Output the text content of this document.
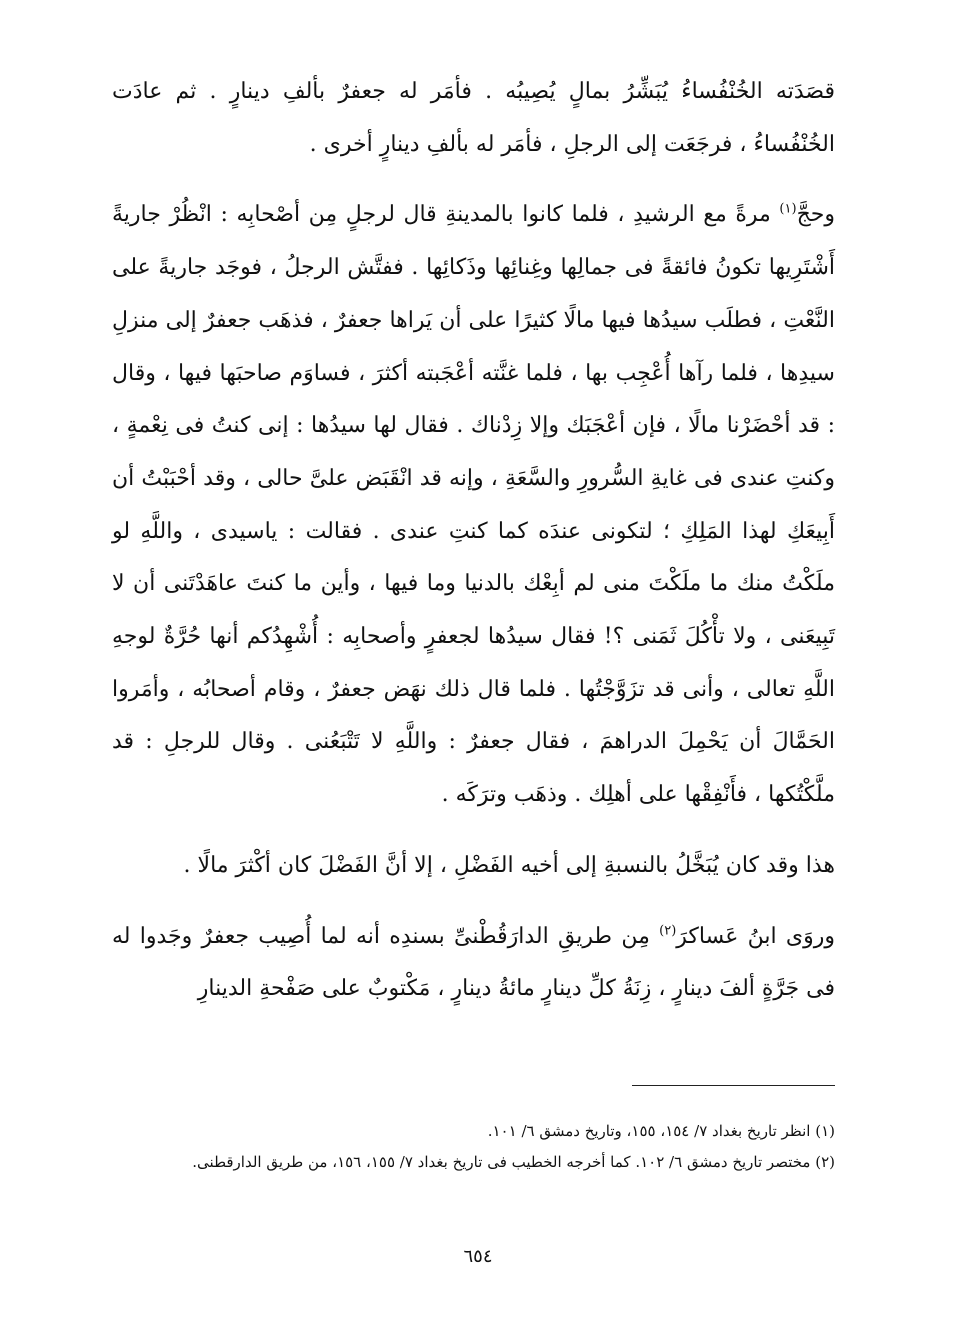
قصَدَته الخُنْفُساءُ يُبَشِّرُ بمالٍ يُصِيبُه . فأمَر له جعفرٌ بألفِ دينارٍ . ثم عادَت الخُنْفُساءُ ، فرجَعَت إلى الرجلِ ، فأمَر له بألفِ دينارٍ أخرى .

وحجَّ$^{(١)}$ مرةً مع الرشيدِ ، فلما كانوا بالمدينةِ قال لرجلٍ مِن أصْحابِه : انْظُرْ جاريةً أَشْتَرِيها تكونُ فائقةً فى جمالِها وغِنائِها وذَكائِها . ففتَّش الرجلُ ، فوجَد جاريةً على النَّعْتِ ، فطلَب سيدُها فيها مالًا كثيرًا على أن يَراها جعفرٌ ، فذهَب جعفرٌ إلى منزلِ سيدِها ، فلما رآها أُعْجِب بها ، فلما غنَّته أعْجَبته أكثرَ ، فساوَم صاحبَها فيها ، وقال : قد أحْضَرْنا مالًا ، فإن أعْجَبَك وإلا زِدْناك . فقال لها سيدُها : إنى كنتُ فى نِعْمةٍ ، وكنتِ عندى فى غايةِ السُّرورِ والسَّعَةِ ، وإنه قد انْقَبَض علىَّ حالى ، وقد أحْبَبْتُ أن أَبِيعَكِ لهذا المَلِكِ ؛ لتكونى عندَه كما كنتِ عندى . فقالت : ياسيدى ، واللَّهِ لو ملَكْتُ منك ما ملَكْتَ منى لم أبِعْك بالدنيا وما فيها ، وأين ما كنتَ عاهَدْتَنى أن لا تَبِيعَنى ، ولا تأْكُلَ ثَمَنى ؟! فقال سيدُها لجعفرٍ وأصحابِه : أُشْهِدُكم أنها حُرَّةٌ لوجهِ اللَّهِ تعالى ، وأنى قد تزَوَّجْتُها . فلما قال ذلك نهَض جعفرٌ ، وقام أصحابُه ، وأمَروا الحَمَّالَ أن يَحْمِلَ الدراهمَ ، فقال جعفرٌ : واللَّهِ لا تَتْبَعُنى . وقال للرجلِ : قد ملَّكْتُكها ، فأَنْفِقْها على أهلِك . وذهَب وترَكَه .

هذا وقد كان يُبَخَّلُ بالنسبةِ إلى أخيه الفَضْلِ ، إلا أنَّ الفَضْلَ كان أكْثرَ مالًا .

وروَى ابنُ عَساكرَ$^{(٢)}$ مِن طريقِ الدارَقُطْنىِّ بسندِه أنه لما أُصِيب جعفرٌ وجَدوا له فى جَرَّةٍ ألفَ دينارٍ ، زِنَةُ كلِّ دينارٍ مائةُ دينارٍ ، مَكْتوبٌ على صَفْحةِ الدينارِ

(١) انظر تاريخ بغداد ٧/ ١٥٤، ١٥٥، وتاريخ دمشق ٦/ ١٠١.

(٢) مختصر تاريخ دمشق ٦/ ١٠٢. كما أخرجه الخطيب فى تاريخ بغداد ٧/ ١٥٥، ١٥٦، من طريق الدارقطنى.

٦٥٤
